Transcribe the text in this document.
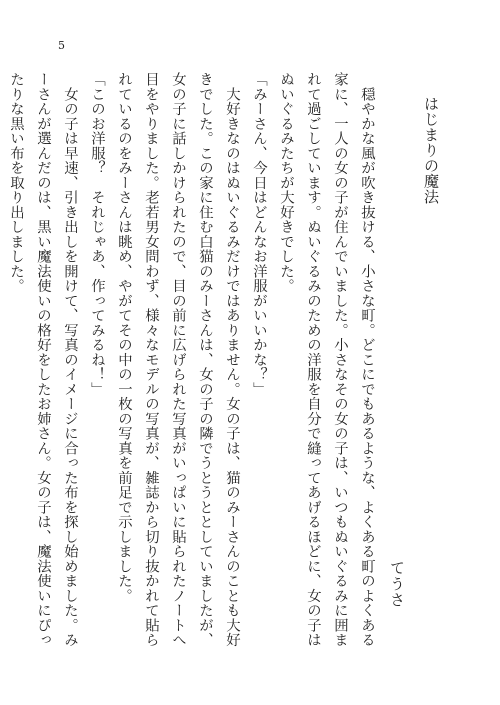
5
はじまりの魔法
てうさ

　穏やかな風が吹き抜ける、小さな町。どこにでもあるような、よくある町のよくある家に、一人の女の子が住んでいました。小さなその女の子は、いつもぬいぐるみに囲まれて過ごしています。ぬいぐるみのための洋服を自分で縫ってあげるほどに、女の子はぬいぐるみたちが大好きでした。

「みーさん、今日はどんなお洋服がいいかな？」

　大好きなのはぬいぐるみだけではありません。女の子は、猫のみーさんのことも大好きでした。この家に住む白猫のみーさんは、女の子の隣でうとうととしていましたが、女の子に話しかけられたので、目の前に広げられた写真がいっぱいに貼られたノートへ目をやりました。老若男女問わず、様々なモデルの写真が、雑誌から切り抜かれて貼られているのをみーさんは眺め、やがてその中の一枚の写真を前足で示しました。

「このお洋服？　それじゃあ、作ってみるね！」

　女の子は早速、引き出しを開けて、写真のイメージに合った布を探し始めました。みーさんが選んだのは、黒い魔法使いの格好をしたお姉さん。女の子は、魔法使いにぴったりな黒い布を取り出しました。
